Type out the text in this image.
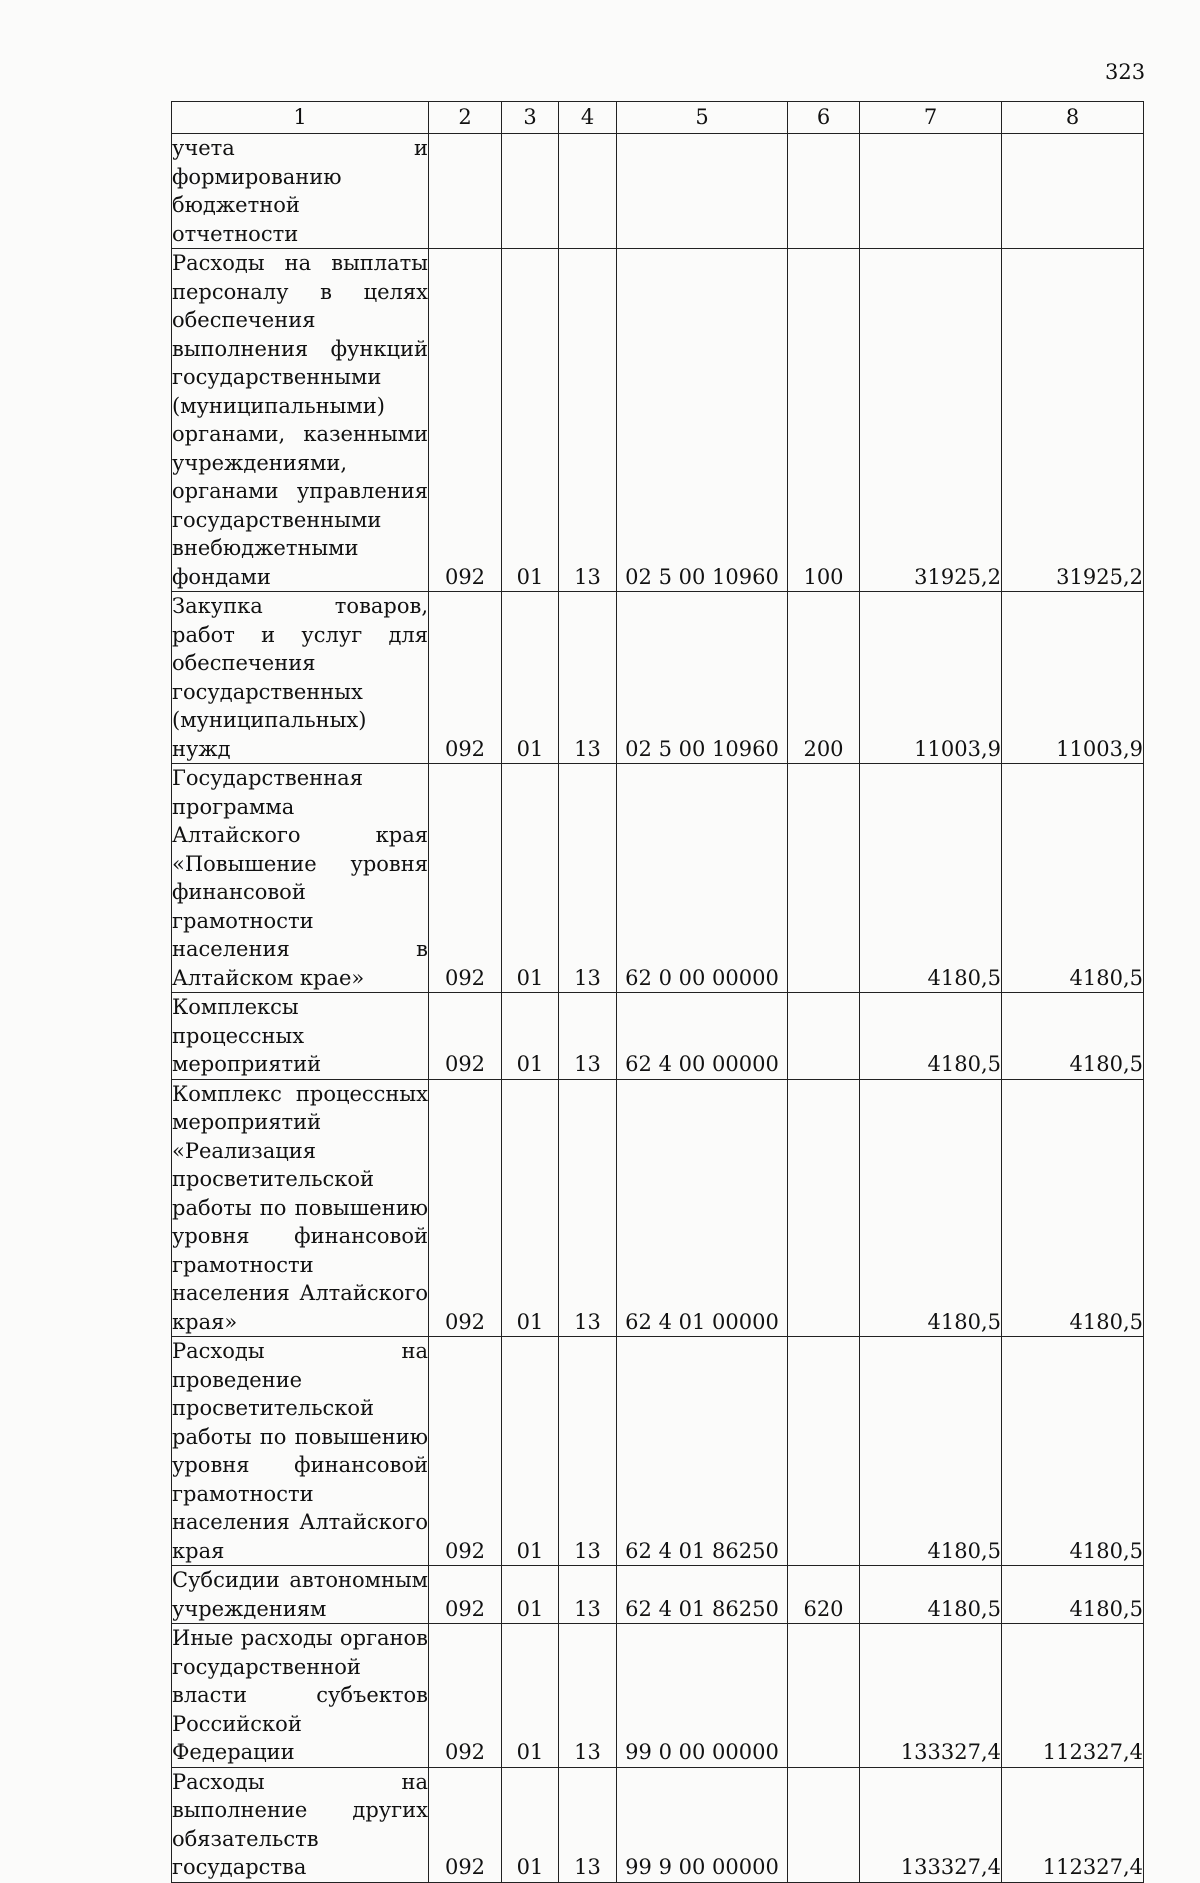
323
1	2	3	4	5	6	7	8
учета и формированию бюджетной отчетности							
Расходы на выплаты персоналу в целях обеспечения выполнения функций государственными (муниципальными) органами, казенными учреждениями, органами управления государственными внебюджетными фондами	092	01	13	02 5 00 10960	100	31925,2	31925,2
Закупка товаров, работ и услуг для обеспечения государственных (муниципальных) нужд	092	01	13	02 5 00 10960	200	11003,9	11003,9
Государственная программа Алтайского края «Повышение уровня финансовой грамотности населения в Алтайском крае»	092	01	13	62 0 00 00000		4180,5	4180,5
Комплексы процессных мероприятий	092	01	13	62 4 00 00000		4180,5	4180,5
Комплекс процессных мероприятий «Реализация просветительской работы по повышению уровня финансовой грамотности населения Алтайского края»	092	01	13	62 4 01 00000		4180,5	4180,5
Расходы на проведение просветительской работы по повышению уровня финансовой грамотности населения Алтайского края	092	01	13	62 4 01 86250		4180,5	4180,5
Субсидии автономным учреждениям	092	01	13	62 4 01 86250	620	4180,5	4180,5
Иные расходы органов государственной власти субъектов Российской Федерации	092	01	13	99 0 00 00000		133327,4	112327,4
Расходы на выполнение других обязательств государства	092	01	13	99 9 00 00000		133327,4	112327,4
